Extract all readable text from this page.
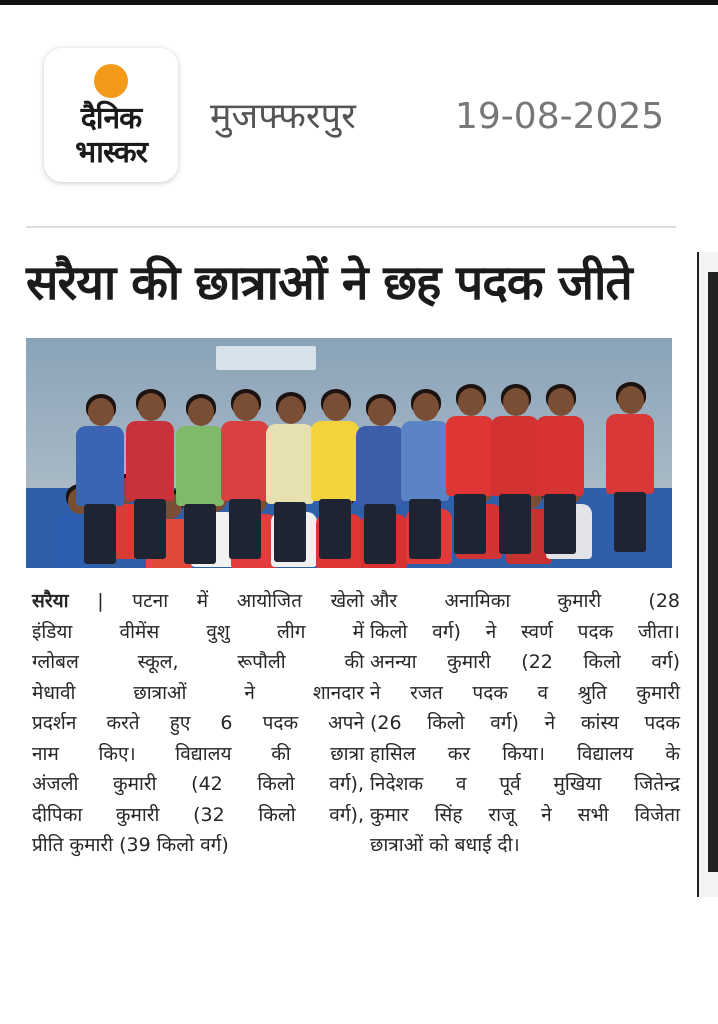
दैनिक
भास्कर
मुजफ्फरपुर	19-08-2025
सरैया की छात्राओं ने छह पदक जीते
सरैया | पटना में आयोजित खेलो
इंडिया वीमेंस वुशु लीग में
ग्लोबल स्कूल, रूपौली की
मेधावी छात्राओं ने शानदार
प्रदर्शन करते हुए 6 पदक अपने
नाम किए। विद्यालय की छात्रा
अंजली कुमारी (42 किलो वर्ग),
दीपिका कुमारी (32 किलो वर्ग),
प्रीति कुमारी (39 किलो वर्ग)
और अनामिका कुमारी (28
किलो वर्ग) ने स्वर्ण पदक जीता।
अनन्या कुमारी (22 किलो वर्ग)
ने रजत पदक व श्रुति कुमारी
(26 किलो वर्ग) ने कांस्य पदक
हासिल कर किया। विद्यालय के
निदेशक व पूर्व मुखिया जितेन्द्र
कुमार सिंह राजू ने सभी विजेता
छात्राओं को बधाई दी।
